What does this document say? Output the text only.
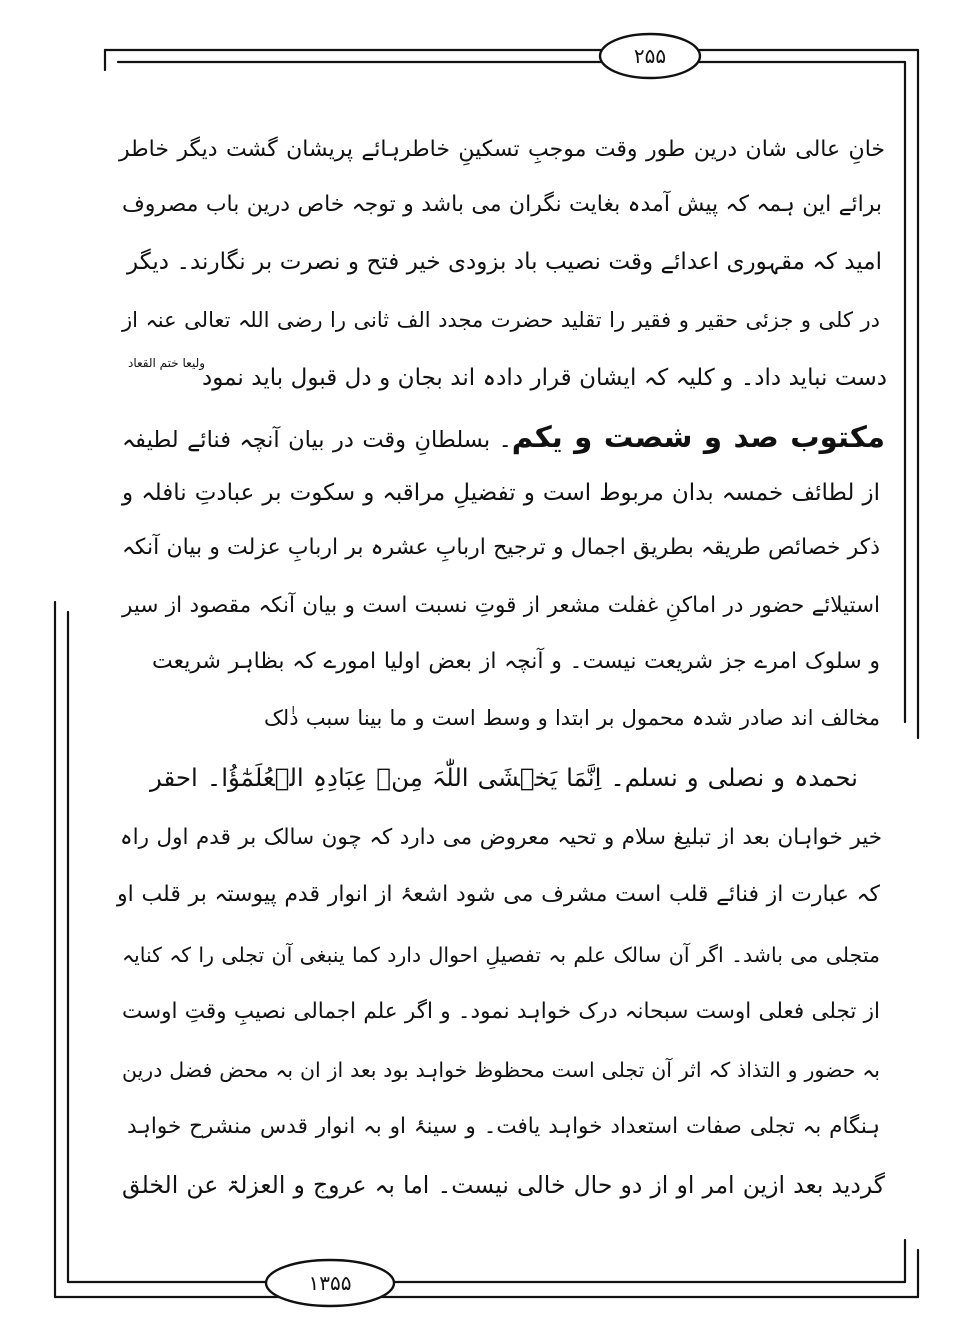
۲۵۵
۱۳۵۵
خانِ عالی شان درین طور وقت موجبِ تسکینِ خاطرہائے پریشان گشت دیگر خاطر
برائے این ہمہ کہ پیش آمدہ بغایت نگران می باشد و توجہ خاص درین باب مصروف
امید کہ مقہوری اعدائے وقت نصیب باد بزودی خیر فتح و نصرت بر نگارند۔ دیگر
در کلی و جزئی حقیر و فقیر را تقلید حضرت مجدد الف ثانی را رضی اللہ تعالی عنہ از
دست نباید داد۔ و کلیہ کہ ایشان قرار دادہ اند بجان و دل قبول باید نمود
ولیعا ختم القعاد
مکتوب صد و شصت و یکم۔ بسلطانِ وقت در بیان آنچہ فنائے لطیفہ
از لطائف خمسہ بدان مربوط است و تفضیلِ مراقبہ و سکوت بر عبادتِ نافلہ و
ذکر خصائص طریقہ بطریق اجمال و ترجیح اربابِ عشرہ بر اربابِ عزلت و بیان آنکہ
استیلائے حضور در اماکنِ غفلت مشعر از قوتِ نسبت است و بیان آنکہ مقصود از سیر
و سلوک امرے جز شریعت نیست۔ و آنچہ از بعض اولیا امورے کہ بظاہر شریعت
مخالف اند صادر شدہ محمول بر ابتدا و وسط است و ما بینا سبب ذٰلک
نحمدہ و نصلی و نسلم۔ اِنَّمَا یَخۡشَی اللّٰہَ مِنۡ عِبَادِہِ الۡعُلَمٰٓؤُا۔ احقر
خیر خواہان بعد از تبلیغ سلام و تحیہ معروض می دارد کہ چون سالک بر قدم اول راہ
کہ عبارت از فنائے قلب است مشرف می شود اشعۂ از انوار قدم پیوستہ بر قلب او
متجلی می باشد۔ اگر آن سالک علم بہ تفصیلِ احوال دارد کما ینبغی آن تجلی را کہ کنایہ
از تجلی فعلی اوست سبحانہ درک خواہد نمود۔ و اگر علم اجمالی نصیبِ وقتِ اوست
بہ حضور و التذاذ کہ اثر آن تجلی است محظوظ خواہد بود بعد از ان بہ محض فضل درین
ہنگام بہ تجلی صفات استعداد خواہد یافت۔ و سینۂ او بہ انوار قدس منشرح خواہد
گردید بعد ازین امر او از دو حال خالی نیست۔ اما بہ عروج و العزلۃ عن الخلق
